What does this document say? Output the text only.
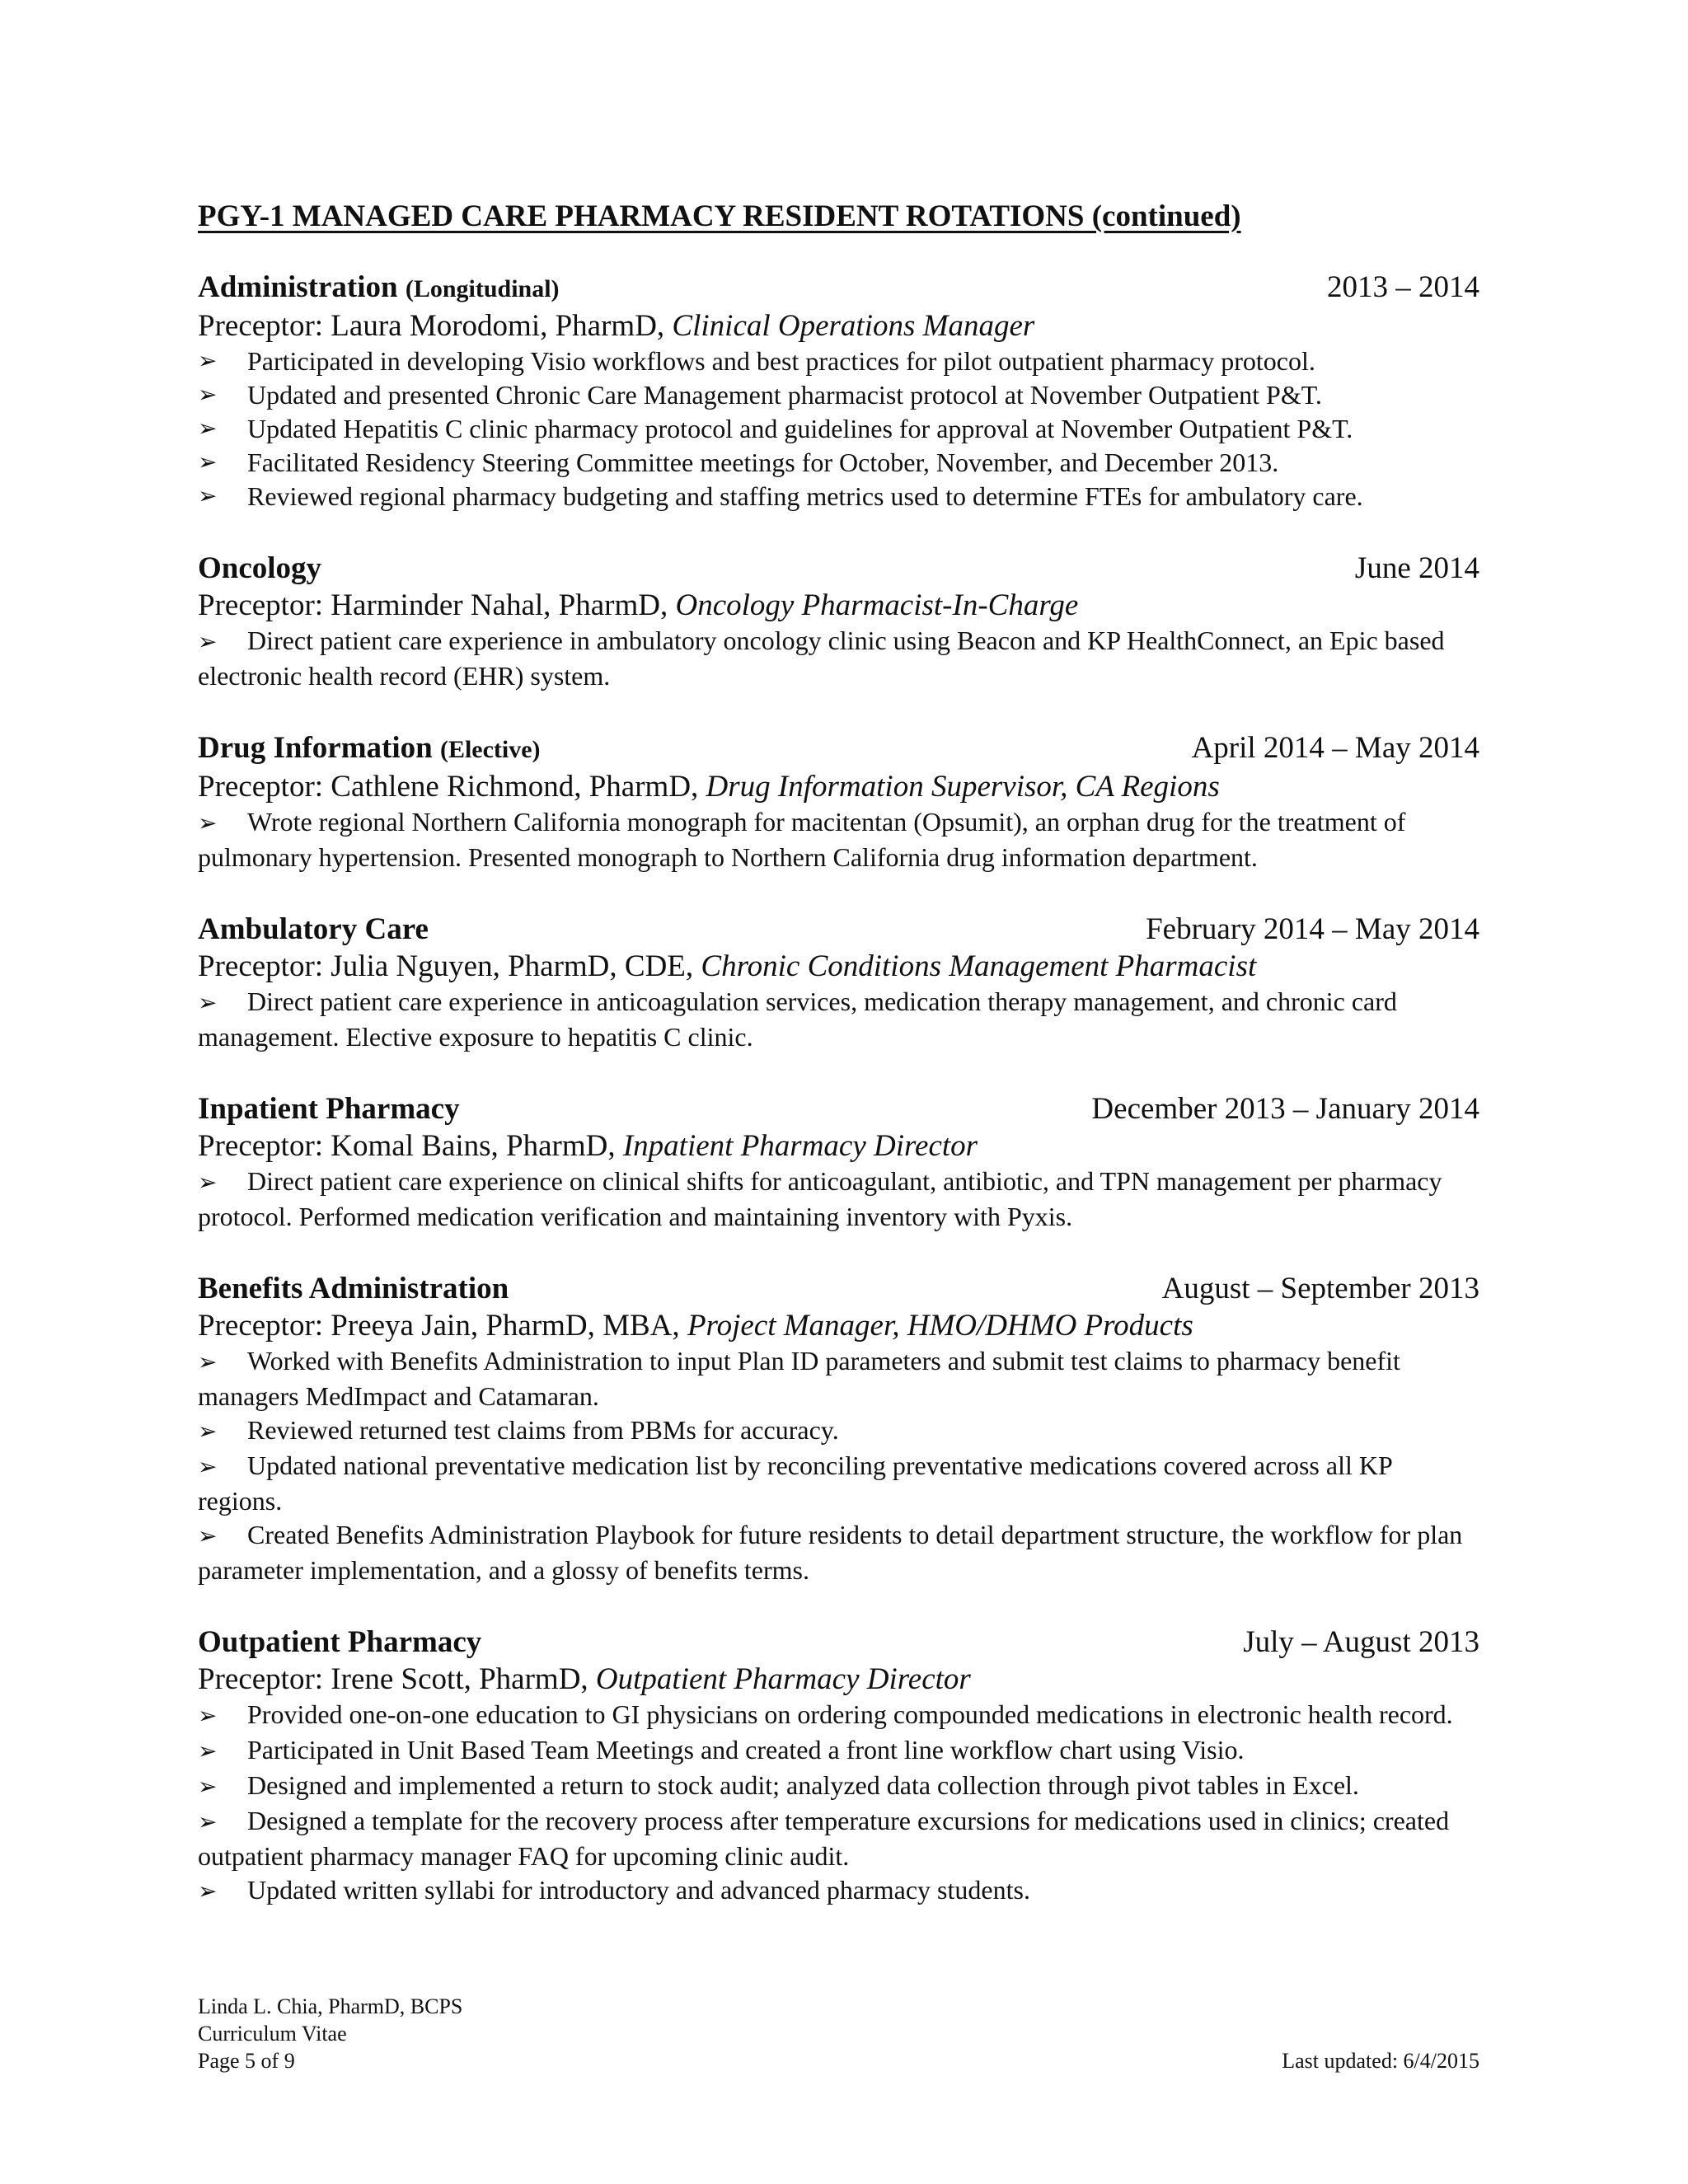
PGY-1 MANAGED CARE PHARMACY RESIDENT ROTATIONS (continued)
Administration (Longitudinal)	2013 – 2014
Preceptor: Laura Morodomi, PharmD, Clinical Operations Manager
➢	Participated in developing Visio workflows and best practices for pilot outpatient pharmacy protocol.
➢	Updated and presented Chronic Care Management pharmacist protocol at November Outpatient P&T.
➢	Updated Hepatitis C clinic pharmacy protocol and guidelines for approval at November Outpatient P&T.
➢	Facilitated Residency Steering Committee meetings for October, November, and December 2013.
➢	Reviewed regional pharmacy budgeting and staffing metrics used to determine FTEs for ambulatory care.
Oncology	June 2014
Preceptor: Harminder Nahal, PharmD, Oncology Pharmacist-In-Charge
➢ Direct patient care experience in ambulatory oncology clinic using Beacon and KP HealthConnect, an Epic based electronic health record (EHR) system.
Drug Information (Elective)	April 2014 – May 2014
Preceptor: Cathlene Richmond, PharmD, Drug Information Supervisor, CA Regions
➢ Wrote regional Northern California monograph for macitentan (Opsumit), an orphan drug for the treatment of pulmonary hypertension. Presented monograph to Northern California drug information department.
Ambulatory Care	February 2014 – May 2014
Preceptor: Julia Nguyen, PharmD, CDE, Chronic Conditions Management Pharmacist
➢ Direct patient care experience in anticoagulation services, medication therapy management, and chronic card management. Elective exposure to hepatitis C clinic.
Inpatient Pharmacy	December 2013 – January 2014
Preceptor: Komal Bains, PharmD, Inpatient Pharmacy Director
➢ Direct patient care experience on clinical shifts for anticoagulant, antibiotic, and TPN management per pharmacy protocol. Performed medication verification and maintaining inventory with Pyxis.
Benefits Administration	August – September 2013
Preceptor: Preeya Jain, PharmD, MBA, Project Manager, HMO/DHMO Products
➢ Worked with Benefits Administration to input Plan ID parameters and submit test claims to pharmacy benefit managers MedImpact and Catamaran.
➢ Reviewed returned test claims from PBMs for accuracy.
➢ Updated national preventative medication list by reconciling preventative medications covered across all KP regions.
➢ Created Benefits Administration Playbook for future residents to detail department structure, the workflow for plan parameter implementation, and a glossy of benefits terms.
Outpatient Pharmacy	July – August 2013
Preceptor: Irene Scott, PharmD, Outpatient Pharmacy Director
➢ Provided one-on-one education to GI physicians on ordering compounded medications in electronic health record.
➢ Participated in Unit Based Team Meetings and created a front line workflow chart using Visio.
➢ Designed and implemented a return to stock audit; analyzed data collection through pivot tables in Excel.
➢ Designed a template for the recovery process after temperature excursions for medications used in clinics; created outpatient pharmacy manager FAQ for upcoming clinic audit.
➢ Updated written syllabi for introductory and advanced pharmacy students.
Linda L. Chia, PharmD, BCPS
Curriculum Vitae
Page 5 of 9	Last updated: 6/4/2015
